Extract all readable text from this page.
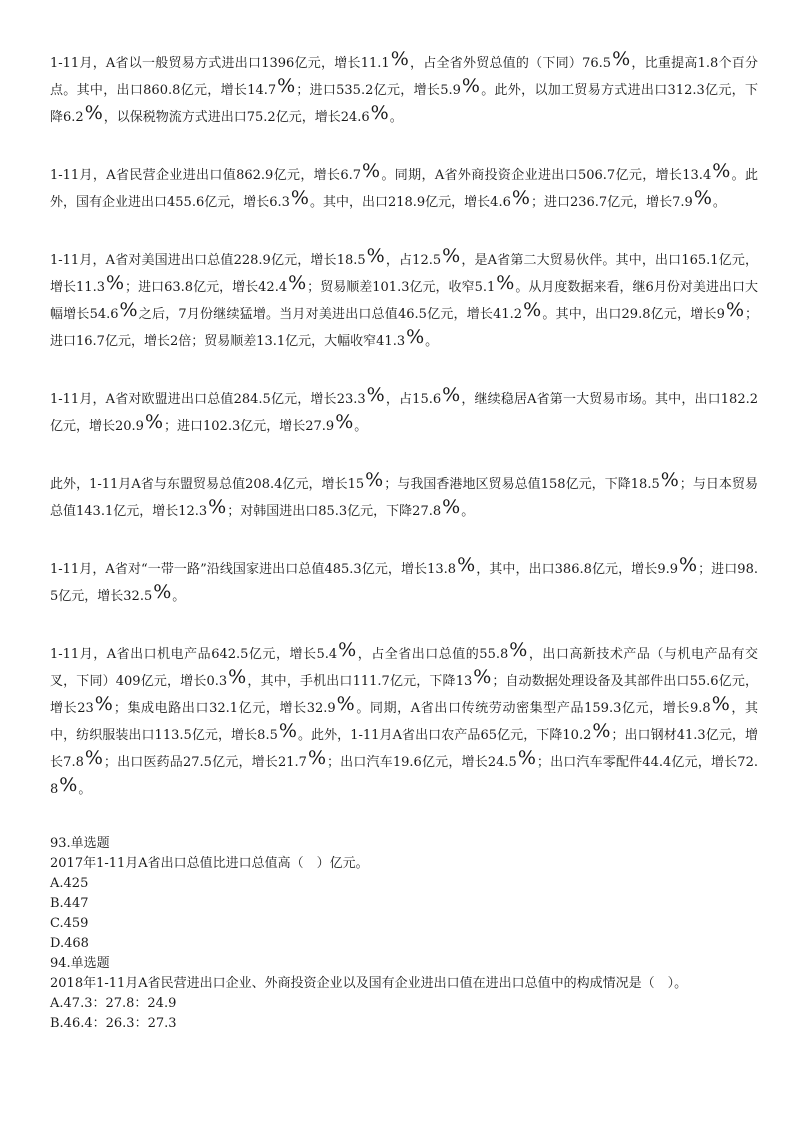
1-11月，A省以一般贸易方式进出口1396亿元，增长11.1%，占全省外贸总值的（下同）76.5%，比重提高1.8个百分点。其中，出口860.8亿元，增长14.7%；进口535.2亿元，增长5.9%。此外，以加工贸易方式进出口312.3亿元，下降6.2%，以保税物流方式进出口75.2亿元，增长24.6%。

1-11月，A省民营企业进出口值862.9亿元，增长6.7%。同期，A省外商投资企业进出口506.7亿元，增长13.4%。此外，国有企业进出口455.6亿元，增长6.3%。其中，出口218.9亿元，增长4.6%；进口236.7亿元，增长7.9%。

1-11月，A省对美国进出口总值228.9亿元，增长18.5%，占12.5%，是A省第二大贸易伙伴。其中，出口165.1亿元，增长11.3%；进口63.8亿元，增长42.4%；贸易顺差101.3亿元，收窄5.1%。从月度数据来看，继6月份对美进出口大幅增长54.6%之后，7月份继续猛增。当月对美进出口总值46.5亿元，增长41.2%。其中，出口29.8亿元，增长9%；进口16.7亿元，增长2倍；贸易顺差13.1亿元，大幅收窄41.3%。

1-11月，A省对欧盟进出口总值284.5亿元，增长23.3%，占15.6%，继续稳居A省第一大贸易市场。其中，出口182.2亿元，增长20.9%；进口102.3亿元，增长27.9%。

此外，1-11月A省与东盟贸易总值208.4亿元，增长15%；与我国香港地区贸易总值158亿元，下降18.5%；与日本贸易总值143.1亿元，增长12.3%；对韩国进出口85.3亿元，下降27.8%。

1-11月，A省对“一带一路”沿线国家进出口总值485.3亿元，增长13.8%，其中，出口386.8亿元，增长9.9%；进口98.5亿元，增长32.5%。

1-11月，A省出口机电产品642.5亿元，增长5.4%，占全省出口总值的55.8%，出口高新技术产品（与机电产品有交叉，下同）409亿元，增长0.3%，其中，手机出口111.7亿元，下降13%；自动数据处理设备及其部件出口55.6亿元，增长23%；集成电路出口32.1亿元，增长32.9%。同期，A省出口传统劳动密集型产品159.3亿元，增长9.8%，其中，纺织服装出口113.5亿元，增长8.5%。此外，1-11月A省出口农产品65亿元，下降10.2%；出口钢材41.3亿元，增长7.8%；出口医药品27.5亿元，增长21.7%；出口汽车19.6亿元，增长24.5%；出口汽车零配件44.4亿元，增长72.8%。

93.单选题

2017年1-11月A省出口总值比进口总值高（　）亿元。

A.425

B.447

C.459

D.468

94.单选题

2018年1-11月A省民营进出口企业、外商投资企业以及国有企业进出口值在进出口总值中的构成情况是（　）。

A.47.3：27.8：24.9

B.46.4：26.3：27.3
